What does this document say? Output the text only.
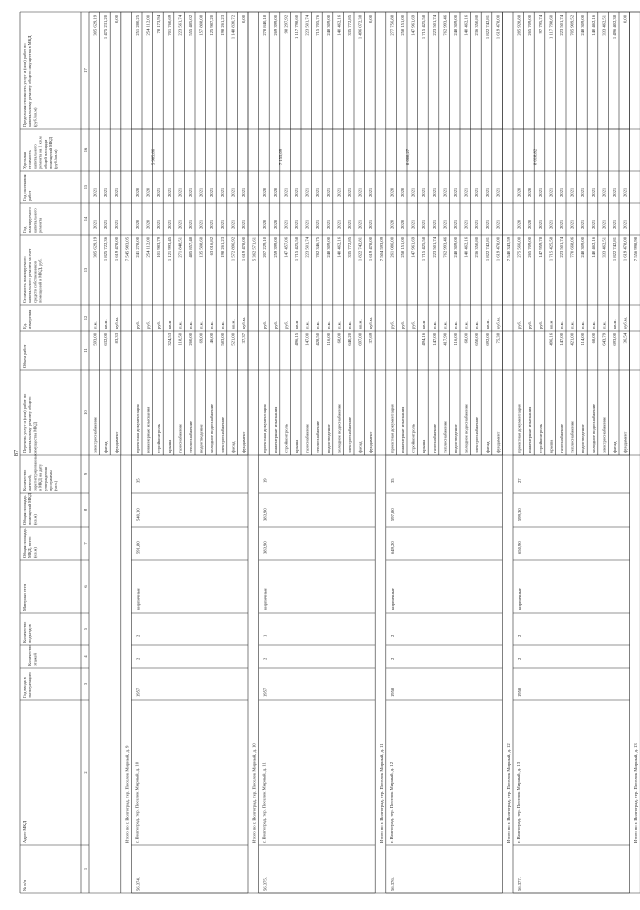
87
1
№ п/п
2
Адрес МКД
3
Год ввода вэксплуатацию
4
Количествоэтажей
5
Количествоподъездов
6
Материал стен
7
Общая площадьМКД, всего(кв.м)
8
Общая площадьпомещений МКД(кв.м)
9
Количествожителей,зарегистрированныхв МКД на датуутвержденияпрограммы(чел.)
10
Перечень услуг и (или) работ покапитальному ремонту общегоимущества МКД
11
Объем работ
12
Ед.измерения
13
Стоимость планируемогокапитального ремонта за счетсредств собственниковпомещений в МКД, руб.
14
Годпланируемогокапитальногоремонта
15
Год окончанияработ
16
Удельнаястоимостькапитальногоремонта на 1 кв.мобщей площадипомещений МКД(руб./кв.м)
17
Предельная стоимость услуг и (или) работ покапитальному ремонту общего имущества в МКД(руб./кв.м)
электроснабжение
593,00
п.м.
305 629,19
2021
2021
305 629,19
фасад
632,00
кв.м.
1 825 722,36
2021
2021
1 475 231,20
фундамент
83,33
куб.м.
1 619 478,00
2021
2021
0,00
Итого по г. Волгоград, тер. Поселок Мирный, д. 9
7 545 983,05
проектная документация
руб.
241 278,00
2020
2020
251 280,25
инженерные изыскания
руб.
254 112,00
2020
2020
254 112,00
стройконтроль
руб.
101 983,79
2021
2021
78 173,94
крыша
324,53
кв.м
1 121 993,45
2021
2021
701 760,69
газоснабжение
118,50
п.м.
271 848,51
2021
2021
223 561,74
теплоснабжение
260,00
п.м.
485 857,48
2021
2021
555 485,02
водоотведение
69,00
п.м.
135 508,60
2021
2021
157 808,08
холодное водоснабжение
46,00
п.м.
63 016,82
2021
2021
125 987,20
электроснабжение
583,00
п.м.
198 261,23
2021
2021
198 261,23
фасад
521,00
кв.м.
1 572 896,92
2021
2021
1 148 830,72
фундамент
37,37
куб.м.
1 619 478,00
2021
2021
0,00
56.374.
г. Волгоград, тер. Поселок Мирный, д. 10
1957
2
2
кирпичные
591,80
540,10
35
5 985,86
Итого по г. Волгоград, тер. Поселок Мирный, д. 10
5 362 571,61
проектная документация
руб.
207 229,10
2020
2020
278 840,18
инженерные изыскания
руб.
259 399,00
2020
2020
269 399,00
стройконтроль
руб.
147 457,06
2021
2021
98 297,92
крыша
496,15
кв.м
1 715 425,58
2021
2021
1 117 798,60
газоснабжение
147,00
п.м.
223 501,74
2021
2021
223 501,74
теплоснабжение
428,50
п.м.
782 346,75
2021
2021
715 705,76
водоотведение
116,00
п.м.
248 309,00
2021
2021
248 309,00
холодное водоснабжение
68,00
п.м.
140 462,16
2021
2021
140 462,16
электроснабжение
640,20
п.м.
335 772,85
2021
2021
335 772,85
фасад
697,00
кв.м.
1 822 742,81
2021
2021
1 496 072,38
фундамент
37,69
куб.м.
1 619 478,00
2021
2021
0,00
56.375.
г. Волгоград, тер. Поселок Мирный, д. 11
1957
2
1
кирпичные
383,90
383,90
19
7 155,09
Итого по г. Волгоград, тер. Поселок Мирный, д. 11
7 504 593,09
проектная документация
руб.
261 086,00
2020
2020
277 756,88
инженерные изыскания
руб.
258 151,00
2020
2020
258 151,00
стройконтроль
руб.
147 961,69
2021
2021
147 961,69
крыша
494,16
кв.м
1 715 425,58
2021
2021
1 715 425,58
газоснабжение
147,00
п.м.
223 501,74
2021
2021
223 501,74
теплоснабжение
417,90
п.м.
762 993,46
2021
2021
762 993,46
водоотведение
116,00
п.м.
248 309,00
2021
2021
248 309,00
холодное водоснабжение
68,00
п.м.
140 462,16
2021
2021
140 462,16
электроснабжение
650,00
п.м.
236 350,80
2021
2021
236 350,80
фасад
692,00
кв.м.
1 822 742,81
2021
2021
1 822 742,81
фундамент
75,38
куб.м.
1 619 478,00
2021
2021
1 619 478,00
56.376.
г. Волгоград, тер. Поселок Мирный, д. 12
1958
2
2
кирпичные
649,20
597,80
35
8 008,27
Итого по г. Волгоград, тер. Поселок Мирный, д. 12
7 540 343,59
проектная документация
руб.
275 566,00
2020
2020
285 928,88
инженерные изыскания
руб.
265 709,00
2020
2020
265 709,00
стройконтроль
руб.
147 959,78
2021
2021
97 795,74
крыша
496,16
кв.м
1 715 425,58
2021
2021
1 117 798,60
газоснабжение
147,00
п.м.
223 501,74
2021
2021
223 501,74
теплоснабжение
421,00
п.м.
770 668,06
2021
2021
705 909,52
водоотведение
114,00
п.м.
248 309,00
2021
2021
248 309,00
холодное водоснабжение
68,00
п.м.
140 462,16
2021
2021
140 462,16
электроснабжение
643,79
п.м.
333 462,51
2021
2021
333 462,51
фасад
693,00
кв.м.
1 822 742,81
2021
2021
1 496 402,38
фундамент
36,54
куб.м.
1 619 478,00
2021
2021
0,00
56.377.
г. Волгоград, тер. Поселок Мирный, д. 13
1958
2
2
кирпичные
650,90
599,30
27
8 018,82
Итого по г. Волгоград, тер. Поселок Мирный, д. 13
7 556 998,98
